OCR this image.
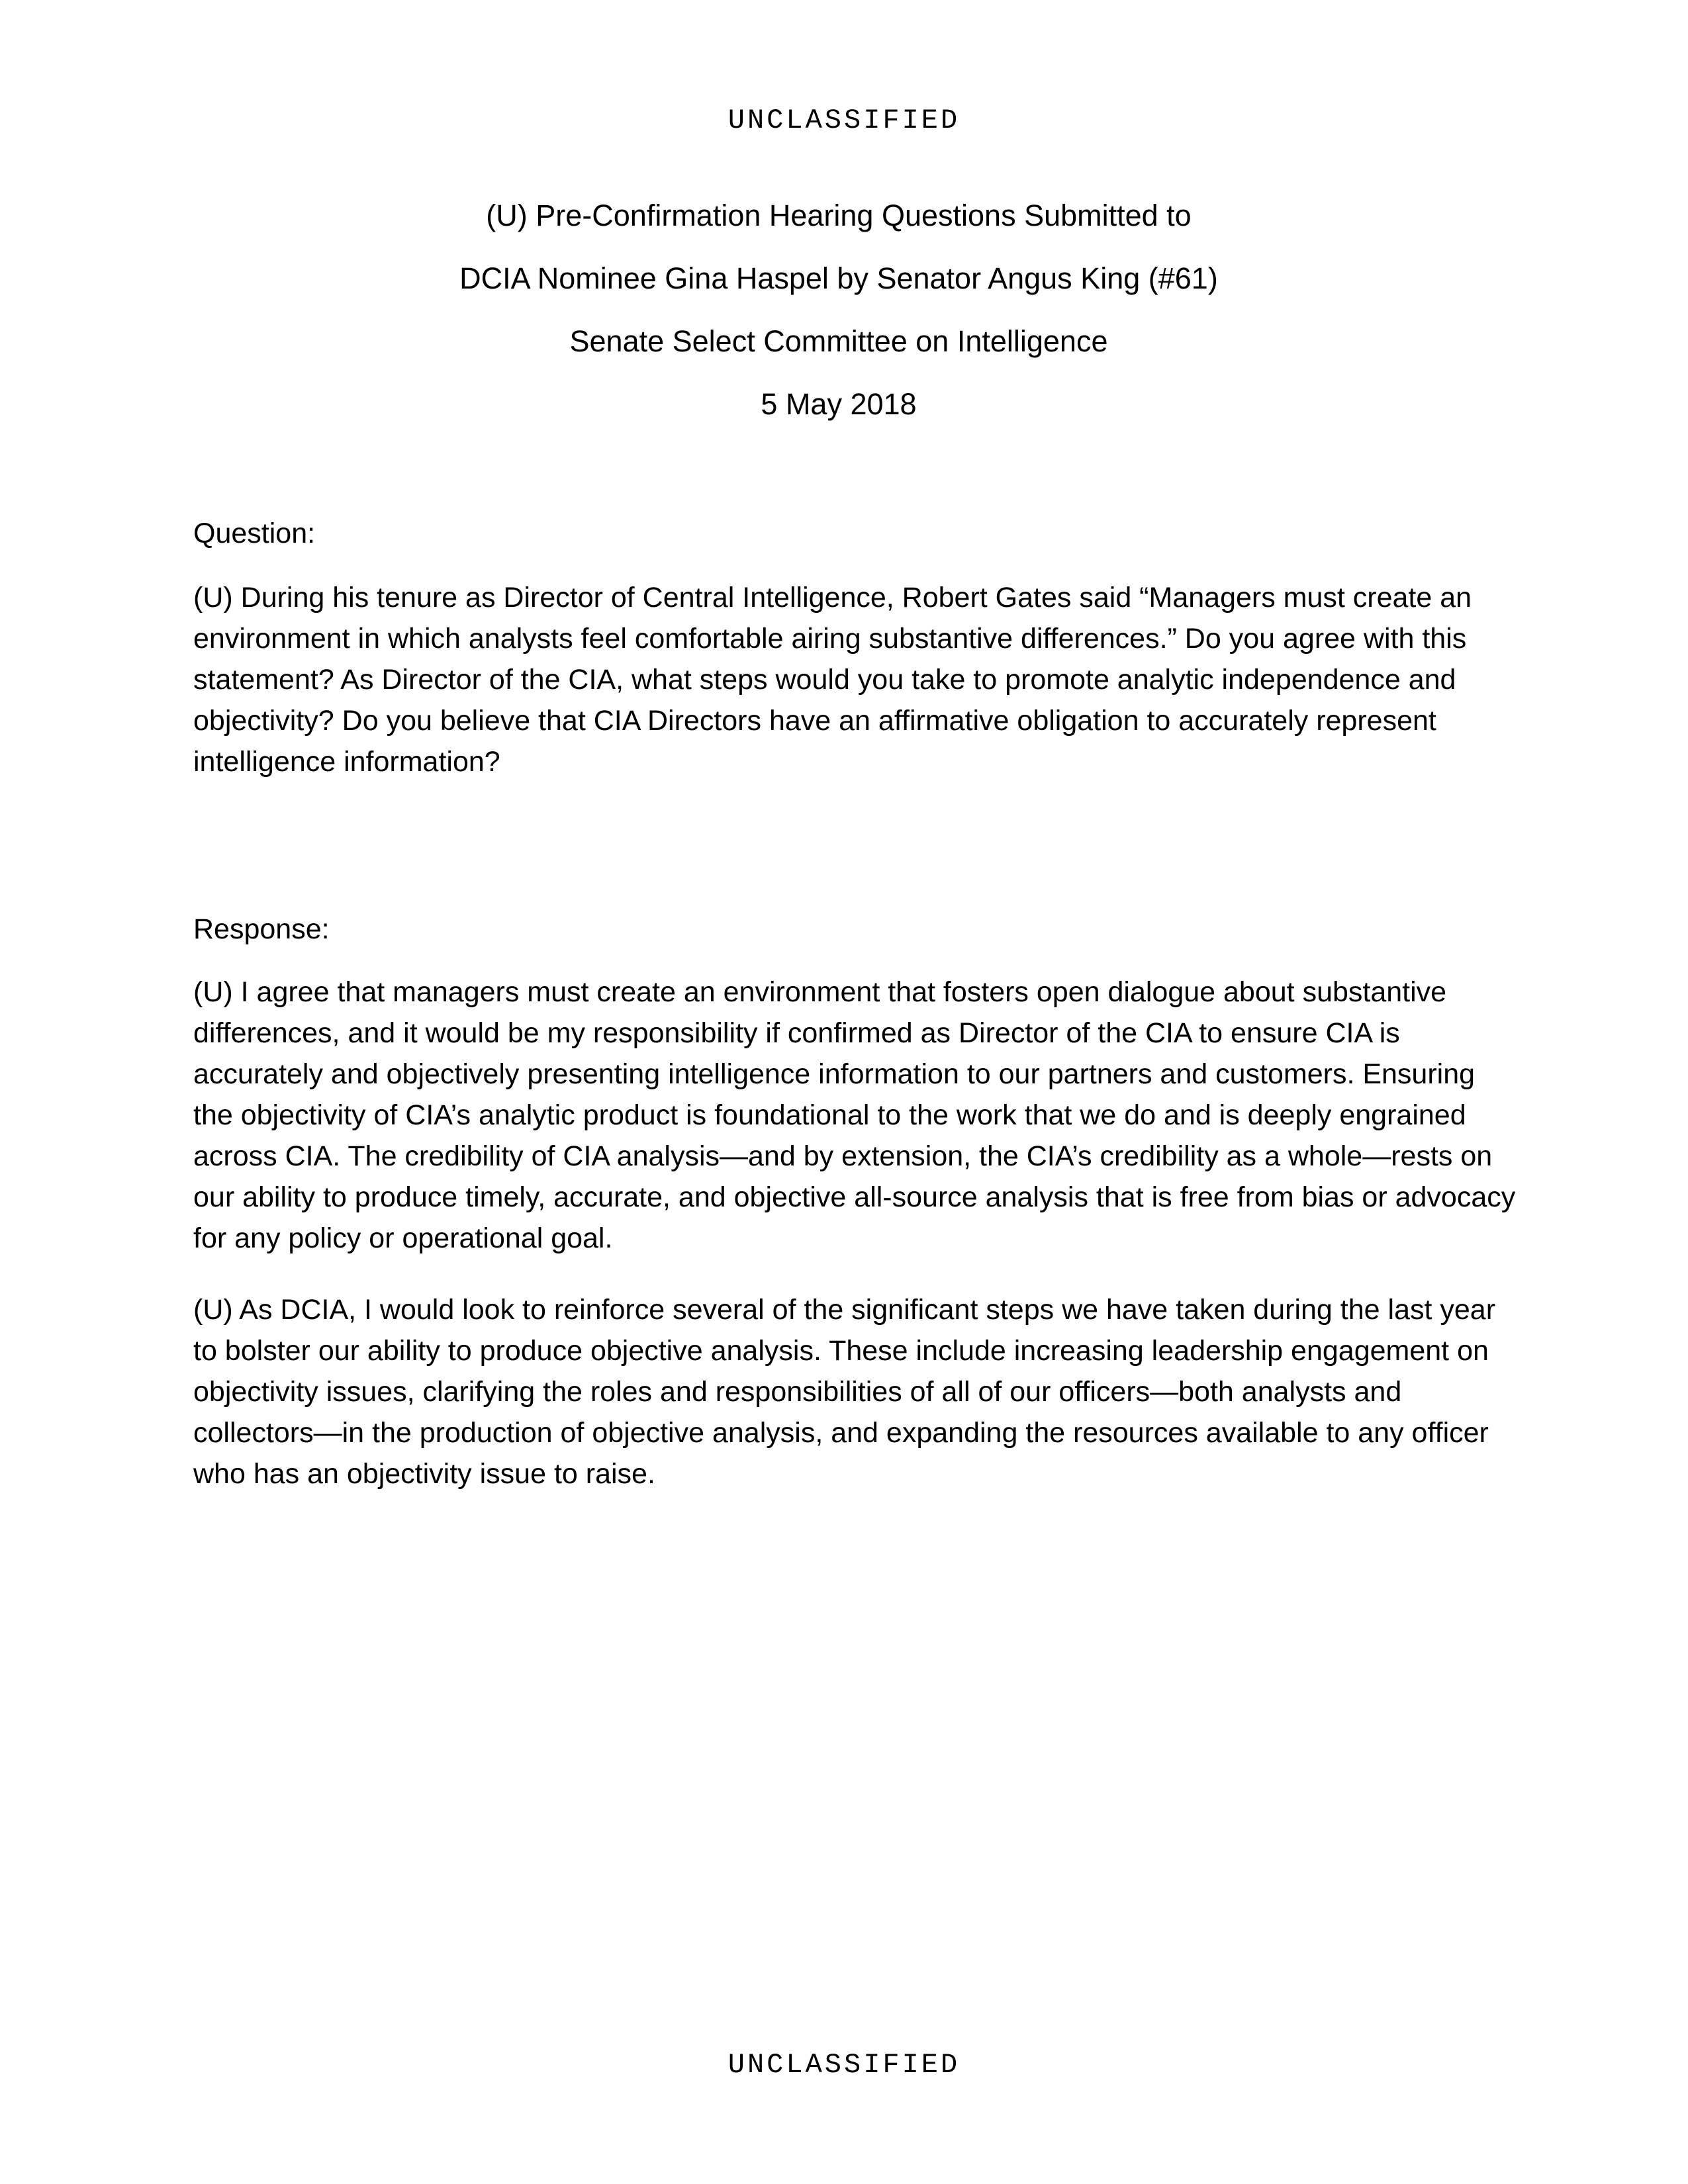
UNCLASSIFIED
(U) Pre-Confirmation Hearing Questions Submitted to
DCIA Nominee Gina Haspel by Senator Angus King (#61)
Senate Select Committee on Intelligence
5 May 2018
Question:
(U) During his tenure as Director of Central Intelligence, Robert Gates said “Managers must create an environment in which analysts feel comfortable airing substantive differences.” Do you agree with this statement? As Director of the CIA, what steps would you take to promote analytic independence and objectivity? Do you believe that CIA Directors have an affirmative obligation to accurately represent intelligence information?
Response:

(U) I agree that managers must create an environment that fosters open dialogue about substantive differences, and it would be my responsibility if confirmed as Director of the CIA to ensure CIA is accurately and objectively presenting intelligence information to our partners and customers. Ensuring the objectivity of CIA’s analytic product is foundational to the work that we do and is deeply engrained across CIA. The credibility of CIA analysis—and by extension, the CIA’s credibility as a whole—rests on our ability to produce timely, accurate, and objective all-source analysis that is free from bias or advocacy for any policy or operational goal.

(U) As DCIA, I would look to reinforce several of the significant steps we have taken during the last year to bolster our ability to produce objective analysis. These include increasing leadership engagement on objectivity issues, clarifying the roles and responsibilities of all of our officers—both analysts and collectors—in the production of objective analysis, and expanding the resources available to any officer who has an objectivity issue to raise.

UNCLASSIFIED
